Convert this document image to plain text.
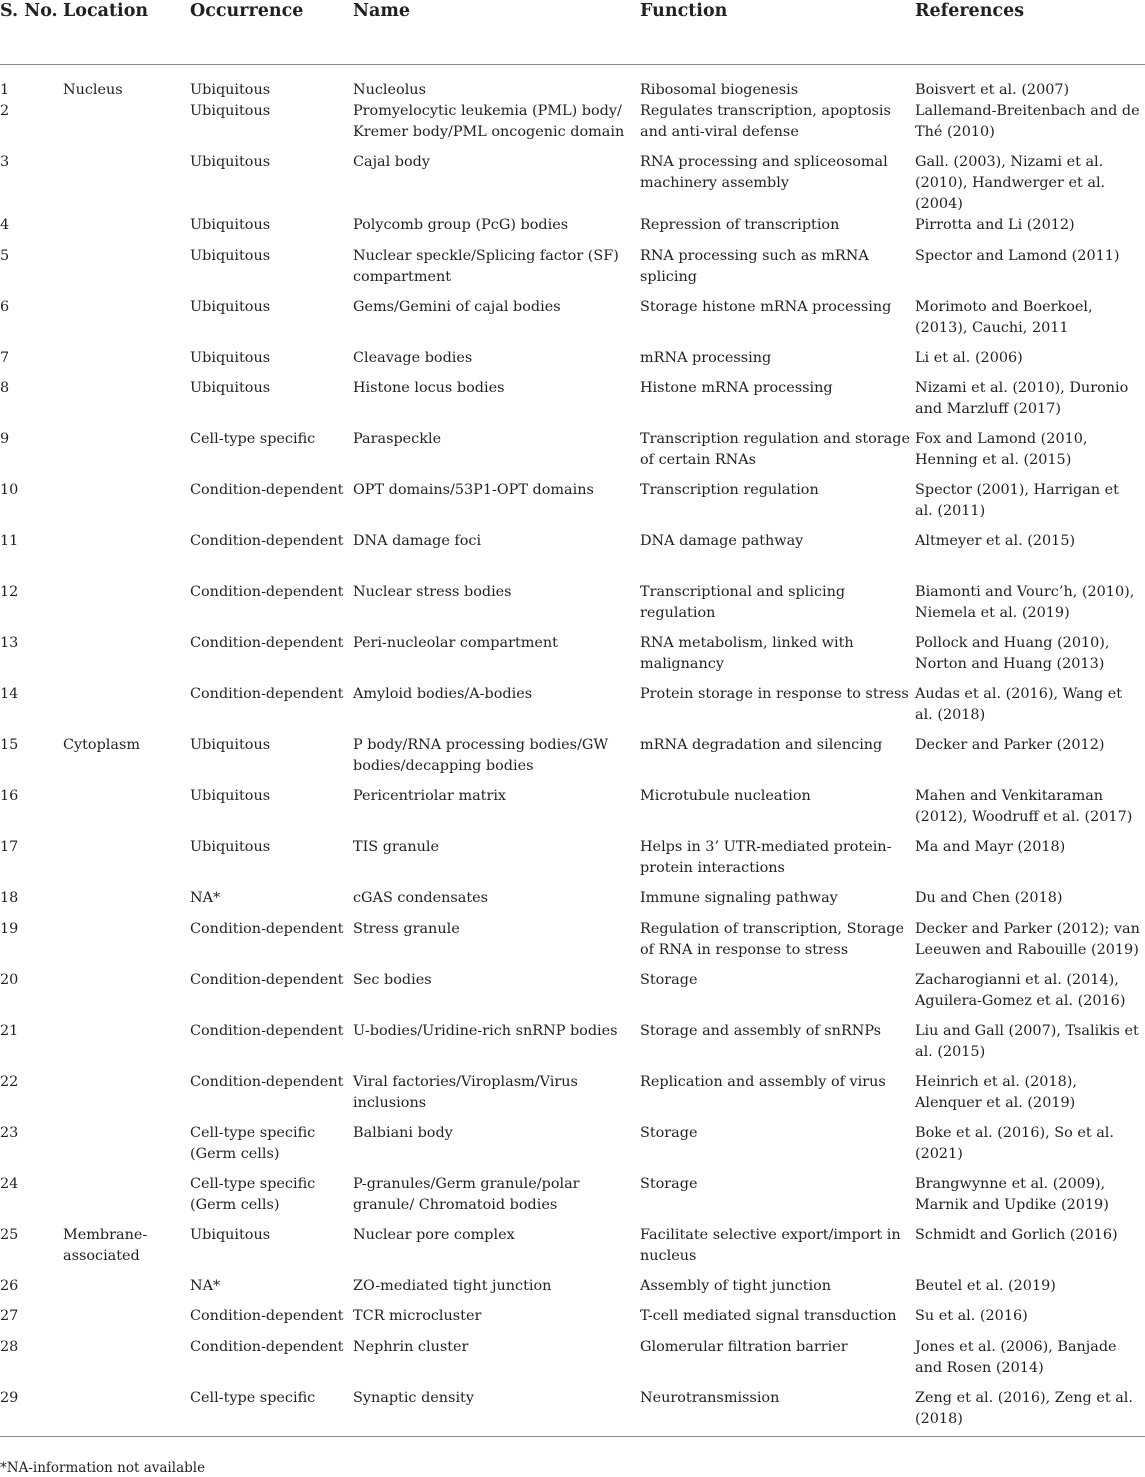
S. No.	Location	Occurrence	Name	Function	References
1	Nucleus	Ubiquitous	Nucleolus	Ribosomal biogenesis	Boisvert et al. (2007)
2		Ubiquitous	Promyelocytic leukemia (PML) body/ Kremer body/PML oncogenic domain	Regulates transcription, apoptosis and anti-viral defense	Lallemand-Breitenbach and de Thé (2010)
3		Ubiquitous	Cajal body	RNA processing and spliceosomal machinery assembly	Gall. (2003), Nizami et al. (2010), Handwerger et al. (2004)
4		Ubiquitous	Polycomb group (PcG) bodies	Repression of transcription	Pirrotta and Li (2012)
5		Ubiquitous	Nuclear speckle/Splicing factor (SF) compartment	RNA processing such as mRNA splicing	Spector and Lamond (2011)
6		Ubiquitous	Gems/Gemini of cajal bodies	Storage histone mRNA processing	Morimoto and Boerkoel, (2013), Cauchi, 2011
7		Ubiquitous	Cleavage bodies	mRNA processing	Li et al. (2006)
8		Ubiquitous	Histone locus bodies	Histone mRNA processing	Nizami et al. (2010), Duronio and Marzluff (2017)
9		Cell-type specific	Paraspeckle	Transcription regulation and storage of certain RNAs	Fox and Lamond (2010, Henning et al. (2015)
10		Condition-dependent	OPT domains/53P1-OPT domains	Transcription regulation	Spector (2001), Harrigan et al. (2011)
11		Condition-dependent	DNA damage foci	DNA damage pathway	Altmeyer et al. (2015)
12		Condition-dependent	Nuclear stress bodies	Transcriptional and splicing regulation	Biamonti and Vourc’h, (2010), Niemela et al. (2019)
13		Condition-dependent	Peri-nucleolar compartment	RNA metabolism, linked with malignancy	Pollock and Huang (2010), Norton and Huang (2013)
14		Condition-dependent	Amyloid bodies/A-bodies	Protein storage in response to stress	Audas et al. (2016), Wang et al. (2018)
15	Cytoplasm	Ubiquitous	P body/RNA processing bodies/GW bodies/decapping bodies	mRNA degradation and silencing	Decker and Parker (2012)
16		Ubiquitous	Pericentriolar matrix	Microtubule nucleation	Mahen and Venkitaraman (2012), Woodruff et al. (2017)
17		Ubiquitous	TIS granule	Helps in 3’ UTR-mediated protein-protein interactions	Ma and Mayr (2018)
18		NA*	cGAS condensates	Immune signaling pathway	Du and Chen (2018)
19		Condition-dependent	Stress granule	Regulation of transcription, Storage of RNA in response to stress	Decker and Parker (2012); van Leeuwen and Rabouille (2019)
20		Condition-dependent	Sec bodies	Storage	Zacharogianni et al. (2014), Aguilera-Gomez et al. (2016)
21		Condition-dependent	U-bodies/Uridine-rich snRNP bodies	Storage and assembly of snRNPs	Liu and Gall (2007), Tsalikis et al. (2015)
22		Condition-dependent	Viral factories/Viroplasm/Virus inclusions	Replication and assembly of virus	Heinrich et al. (2018), Alenquer et al. (2019)
23		Cell-type specific (Germ cells)	Balbiani body	Storage	Boke et al. (2016), So et al. (2021)
24		Cell-type specific (Germ cells)	P-granules/Germ granule/polar granule/ Chromatoid bodies	Storage	Brangwynne et al. (2009), Marnik and Updike (2019)
25	Membrane-associated	Ubiquitous	Nuclear pore complex	Facilitate selective export/import in nucleus	Schmidt and Gorlich (2016)
26		NA*	ZO-mediated tight junction	Assembly of tight junction	Beutel et al. (2019)
27		Condition-dependent	TCR microcluster	T-cell mediated signal transduction	Su et al. (2016)
28		Condition-dependent	Nephrin cluster	Glomerular filtration barrier	Jones et al. (2006), Banjade and Rosen (2014)
29		Cell-type specific	Synaptic density	Neurotransmission	Zeng et al. (2016), Zeng et al. (2018)
*NA-information not available
